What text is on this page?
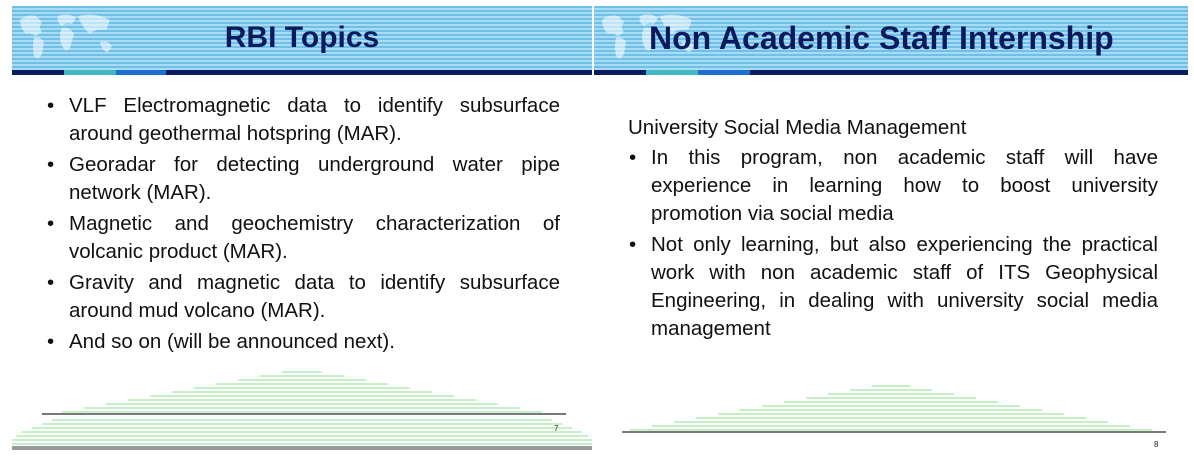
RBI Topics
• VLF Electromagnetic data to identify subsurface around geothermal hotspring (MAR).
• Georadar for detecting underground water pipe network (MAR).
• Magnetic and geochemistry characterization of volcanic product (MAR).
• Gravity and magnetic data to identify subsurface around mud volcano (MAR).
• And so on (will be announced next).
7
Non Academic Staff Internship
University Social Media Management
• In this program, non academic staff will have experience in learning how to boost university promotion via social media
• Not only learning, but also experiencing the practical work with non academic staff of ITS Geophysical Engineering, in dealing with university social media management
8
